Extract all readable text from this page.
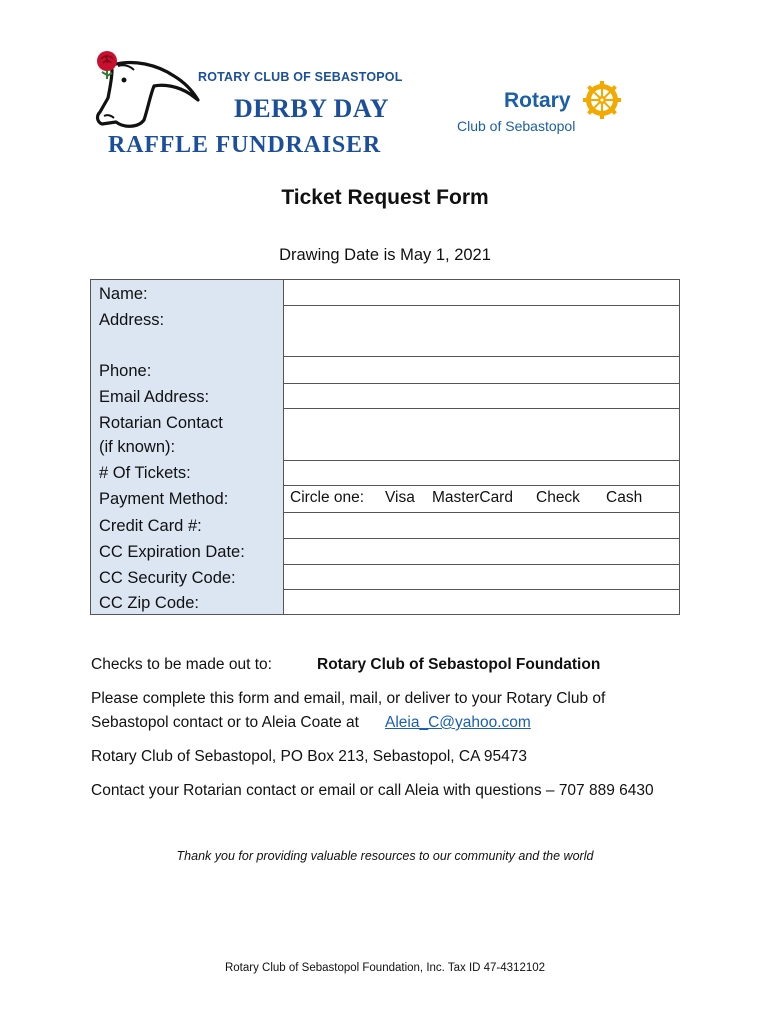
ROTARY CLUB OF SEBASTOPOL
DERBY DAY
RAFFLE FUNDRAISER
Rotary
Club of Sebastopol
Ticket Request Form
Drawing Date is May 1, 2021
Name:
Address:
Phone:
Email Address:
Rotarian Contact
(if known):
# Of Tickets:
Payment Method:
Credit Card #:
CC Expiration Date:
CC Security Code:
CC Zip Code:
Circle one: Visa MasterCard Check Cash
Checks to be made out to:	Rotary Club of Sebastopol Foundation
Please complete this form and email, mail, or deliver to your Rotary Club of
Sebastopol contact or to Aleia Coate at Aleia_C@yahoo.com
Rotary Club of Sebastopol, PO Box 213, Sebastopol, CA 95473
Contact your Rotarian contact or email or call Aleia with questions – 707 889 6430
Thank you for providing valuable resources to our community and the world
Rotary Club of Sebastopol Foundation, Inc. Tax ID 47-4312102
